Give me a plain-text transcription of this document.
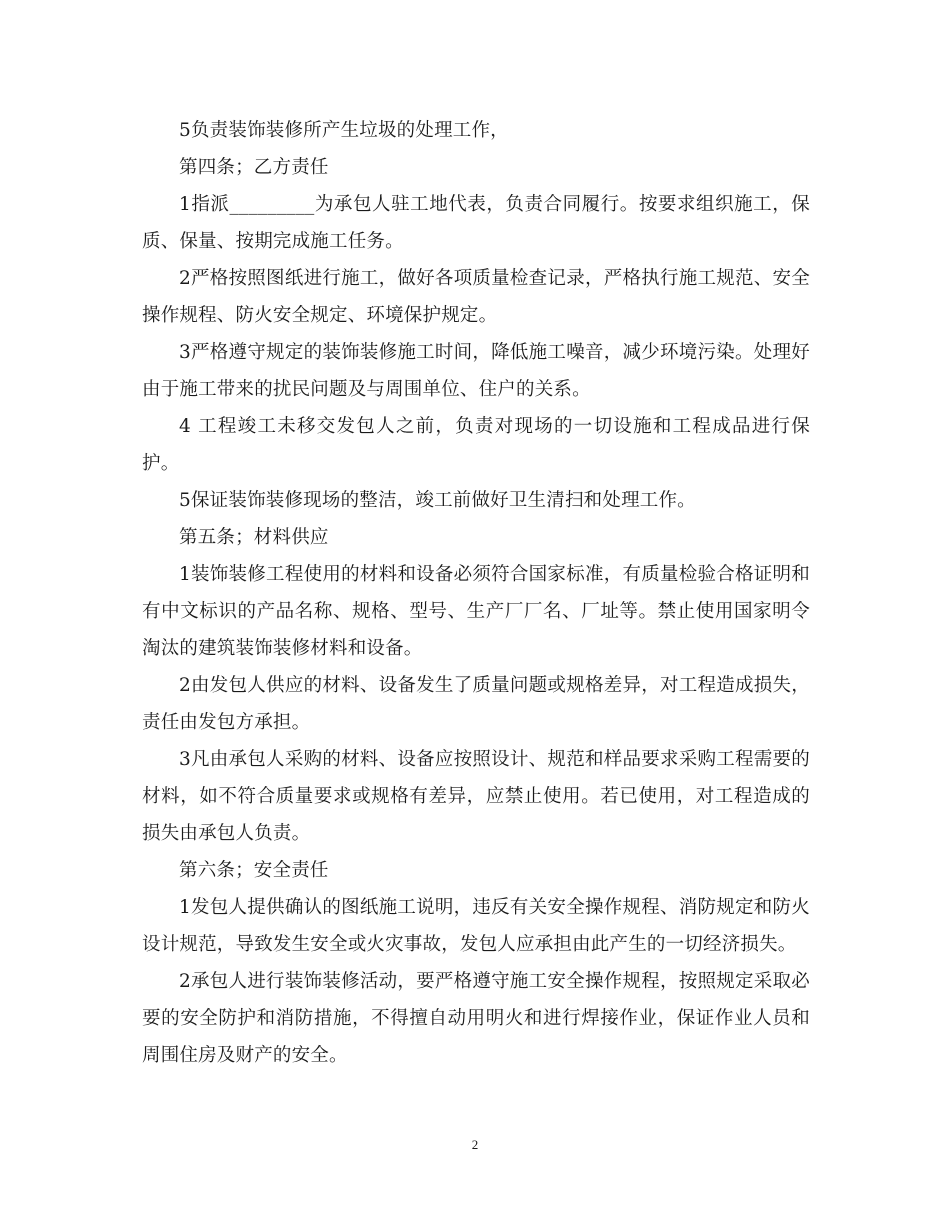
5负责装饰装修所产生垃圾的处理工作，

第四条；乙方责任

1指派_________为承包人驻工地代表，负责合同履行。按要求组织施工，保质、保量、按期完成施工任务。

2严格按照图纸进行施工，做好各项质量检查记录，严格执行施工规范、安全操作规程、防火安全规定、环境保护规定。

3严格遵守规定的装饰装修施工时间，降低施工噪音，减少环境污染。处理好由于施工带来的扰民问题及与周围单位、住户的关系。

4 工程竣工未移交发包人之前，负责对现场的一切设施和工程成品进行保护。

5保证装饰装修现场的整洁，竣工前做好卫生清扫和处理工作。

第五条；材料供应

1装饰装修工程使用的材料和设备必须符合国家标准，有质量检验合格证明和有中文标识的产品名称、规格、型号、生产厂厂名、厂址等。禁止使用国家明令淘汰的建筑装饰装修材料和设备。

2由发包人供应的材料、设备发生了质量问题或规格差异，对工程造成损失，责任由发包方承担。

3凡由承包人采购的材料、设备应按照设计、规范和样品要求采购工程需要的材料，如不符合质量要求或规格有差异，应禁止使用。若已使用，对工程造成的损失由承包人负责。

第六条；安全责任

1发包人提供确认的图纸施工说明，违反有关安全操作规程、消防规定和防火设计规范，导致发生安全或火灾事故，发包人应承担由此产生的一切经济损失。

2承包人进行装饰装修活动，要严格遵守施工安全操作规程，按照规定采取必要的安全防护和消防措施，不得擅自动用明火和进行焊接作业，保证作业人员和周围住房及财产的安全。

2
